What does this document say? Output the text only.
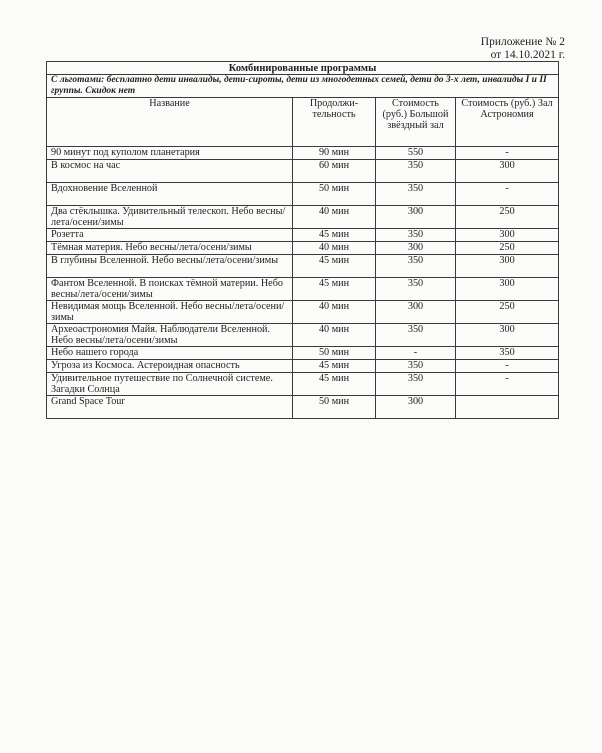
Приложение № 2
от 14.10.2021 г.
Комбинированные программы			
С льготами: бесплатно дети инвалиды, дети-сироты, дети из многодетных семей, дети до 3-х лет, инвалиды I и II группы. Скидок нет			
Название	Продолжи-тельность	Стоимость (руб.) Большой звёздный зал	Стоимость (руб.) Зал Астрономия
90 минут под куполом планетария	90 мин	550	-
В космос на час	60 мин	350	300
Вдохновение Вселенной	50 мин	350	-
Два стёклышка. Удивительный телескоп. Небо весны/лета/осени/зимы	40 мин	300	250
Розетта	45 мин	350	300
Тёмная материя. Небо весны/лета/осени/зимы	40 мин	300	250
В глубины Вселенной. Небо весны/лета/осени/зимы	45 мин	350	300
Фантом Вселенной. В поисках тёмной материи. Небо весны/лета/осени/зимы	45 мин	350	300
Невидимая мощь Вселенной. Небо весны/лета/осени/зимы	40 мин	300	250
Археоастрономия Майя. Наблюдатели Вселенной. Небо весны/лета/осени/зимы	40 мин	350	300
Небо нашего города	50 мин	-	350
Угроза из Космоса. Астероидная опасность	45 мин	350	-
Удивительное путешествие по Солнечной системе. Загадки Солнца	45 мин	350	-
Grand Space Tour	50 мин	300	
